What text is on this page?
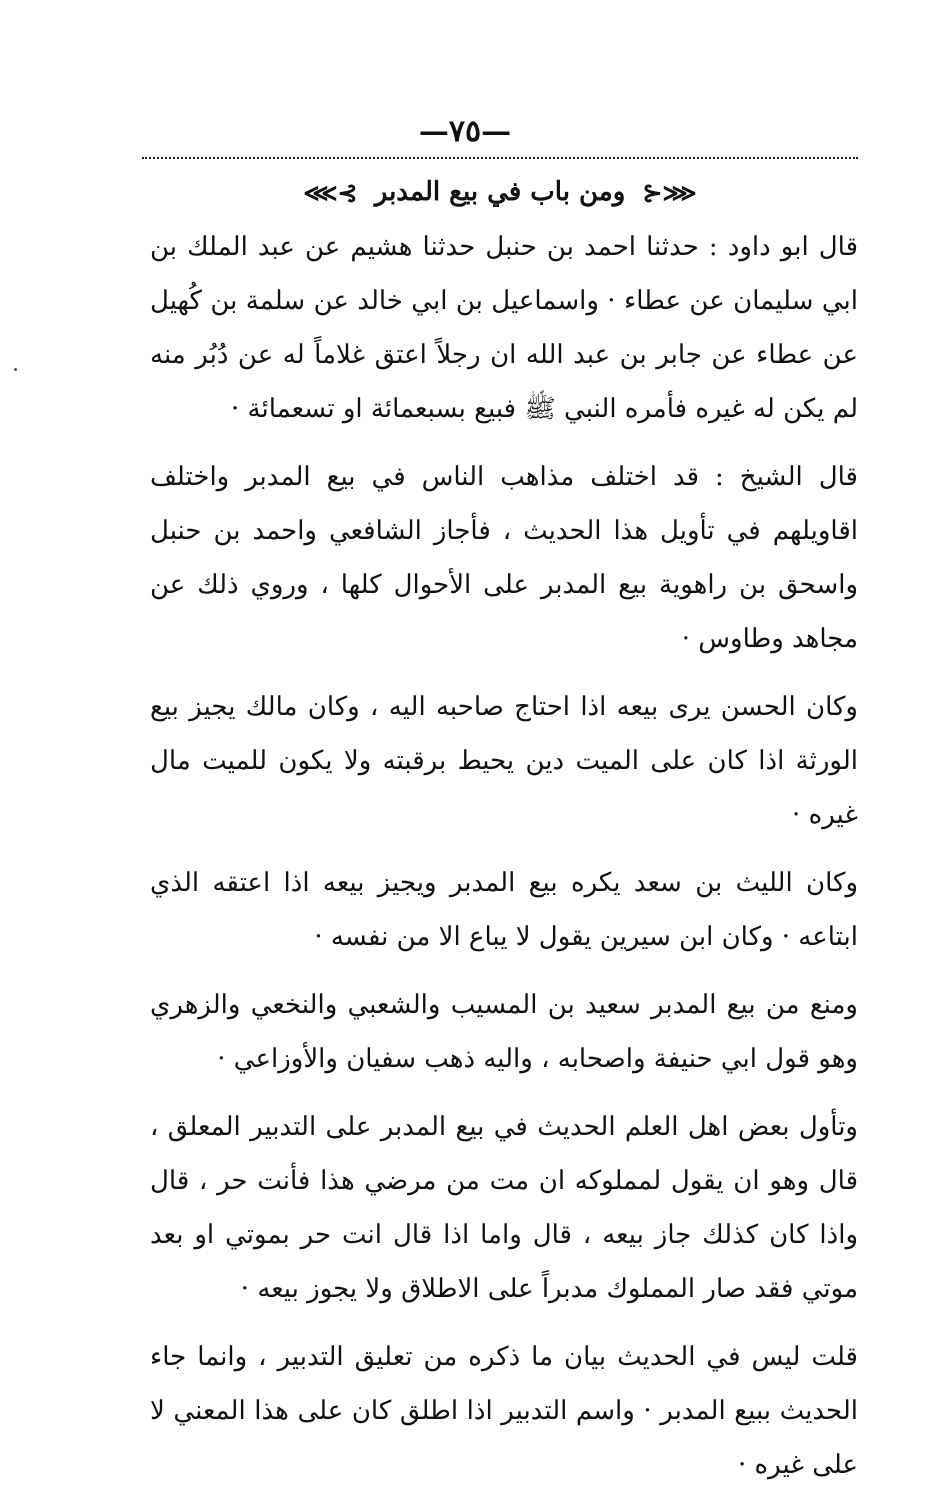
—٧٥—
⋘⊰ ومن باب في بيع المدبر ⊱⋙

قال ابو داود : حدثنا احمد بن حنبل حدثنا هشيم عن عبد الملك بن ابي سليمان عن عطاء · واسماعيل بن ابي خالد عن سلمة بن كُهيل عن عطاء عن جابر بن عبد الله ان رجلاً اعتق غلاماً له عن دُبُر منه لم يكن له غيره فأمره النبي ﷺ فبيع بسبعمائة او تسعمائة ·

قال الشيخ : قد اختلف مذاهب الناس في بيع المدبر واختلف اقاويلهم في تأويل هذا الحديث ، فأجاز الشافعي واحمد بن حنبل واسحق بن راهوية بيع المدبر على الأحوال كلها ، وروي ذلك عن مجاهد وطاوس ·

وكان الحسن يرى بيعه اذا احتاج صاحبه اليه ، وكان مالك يجيز بيع الورثة اذا كان على الميت دين يحيط برقبته ولا يكون للميت مال غيره ·

وكان الليث بن سعد يكره بيع المدبر ويجيز بيعه اذا اعتقه الذي ابتاعه · وكان ابن سيرين يقول لا يباع الا من نفسه ·

ومنع من بيع المدبر سعيد بن المسيب والشعبي والنخعي والزهري وهو قول ابي حنيفة واصحابه ، واليه ذهب سفيان والأوزاعي ·

وتأول بعض اهل العلم الحديث في بيع المدبر على التدبير المعلق ، قال وهو ان يقول لمملوكه ان مت من مرضي هذا فأنت حر ، قال واذا كان كذلك جاز بيعه ، قال واما اذا قال انت حر بموتي او بعد موتي فقد صار المملوك مدبراً على الاطلاق ولا يجوز بيعه ·

قلت ليس في الحديث بيان ما ذكره من تعليق التدبير ، وانما جاء الحديث ببيع المدبر · واسم التدبير اذا اطلق كان على هذا المعني لا على غيره ·
